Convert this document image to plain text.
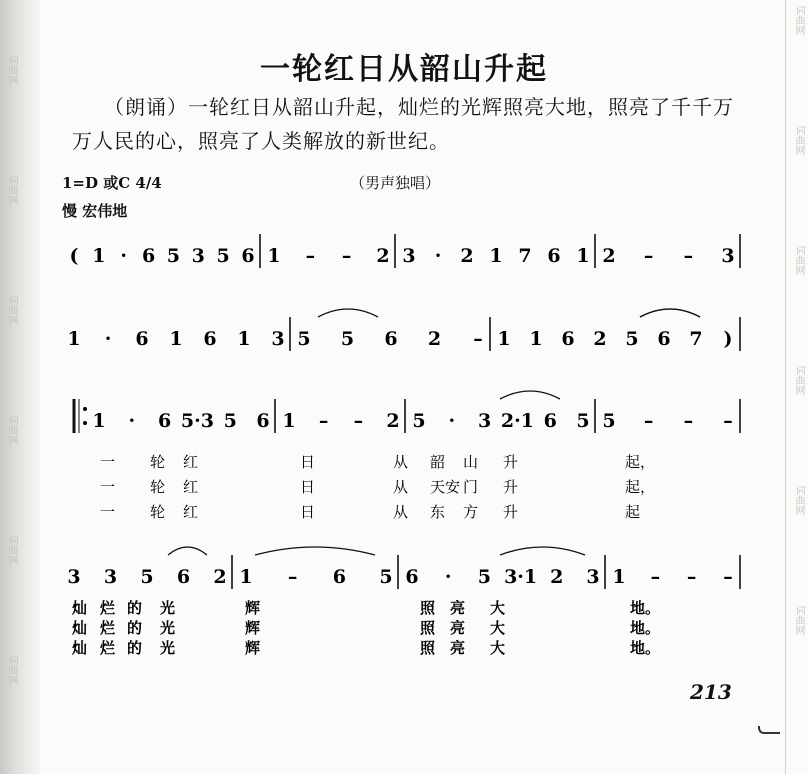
词曲网
词曲网
词曲网
词曲网
词曲网
词曲网
词曲网
词曲网
词曲网
词曲网
词曲网
词曲网
一轮红日从韶山升起
（朗诵）一轮红日从韶山升起，灿烂的光辉照亮大地，照亮了千千万万人民的心，照亮了人类解放的新世纪。
1=D 或C 4/4	（男声独唱）
慢 宏伟地
( 1 · 6 5 3 5 6 1 – – 2 3 · 2 1 7 6 1 2 – – 3
1 · 6 1 6 1 3 5 5 6 2 – 1 1 6 2 5 6 7 )
1 · 6 5·3 5 6 1 – – 2 5 · 3 2·1 6 5 5 – – –
一 轮 红	日	从 韶 山 升	起，
一 轮 红	日	从 天安 门 升	起，
一 轮 红	日	从 东 方 升	起
3 3 5 6 2 1 – 6 5 6 · 5 3·1 2 3 1 – – –
灿 烂 的 光	辉	照 亮 大	地。
灿 烂 的 光	辉	照 亮 大	地。
灿 烂 的 光	辉	照 亮 大	地。
213
